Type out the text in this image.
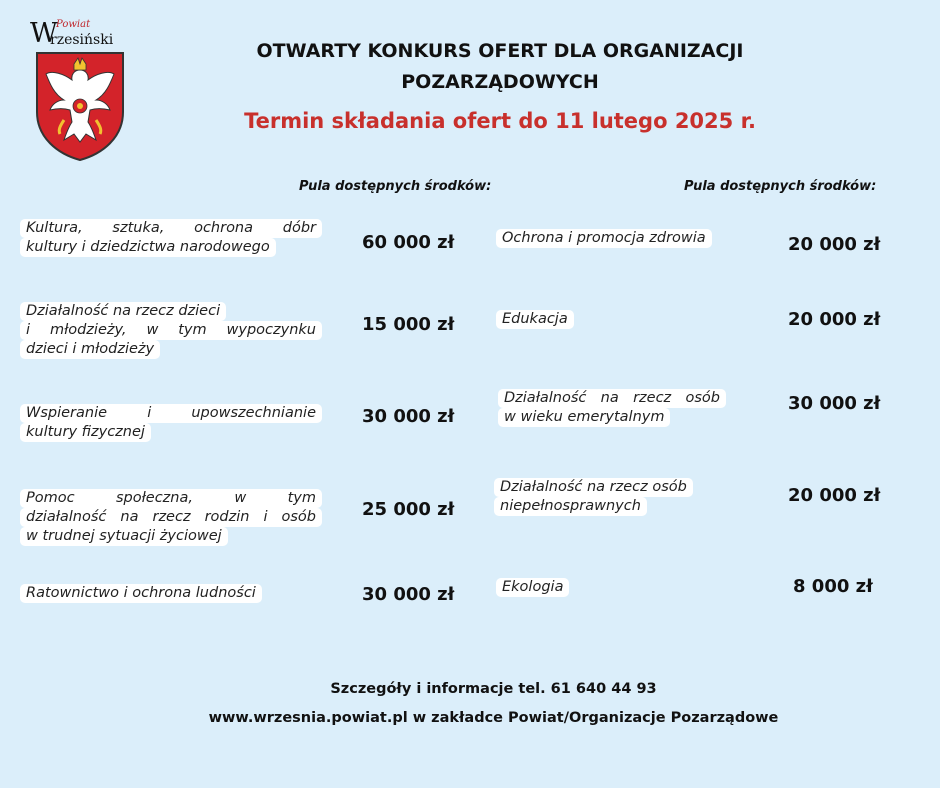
W Powiat
rzesiński	OTWARTY KONKURS OFERT DLA ORGANIZACJI
POZARZĄDOWYCH
Termin składania ofert do 11 lutego 2025 r.
Pula dostępnych środków:	Pula dostępnych środków:
Kultura, sztuka, ochrona dóbr
kultury i dziedzictwa narodowego	60 000 zł
Działalność na rzecz dzieci
i młodzieży, w tym wypoczynku
dzieci i młodzieży
15 000 zł
Wspieranie i upowszechnianie
kultury fizycznej
30 000 zł
Pomoc społeczna, w tym
działalność na rzecz rodzin i osób
w trudnej sytuacji życiowej
25 000 zł
Ratownictwo i ochrona ludności	30 000 zł
Ochrona i promocja zdrowia	20 000 zł
Edukacja	20 000 zł
Działalność na rzecz osób
w wieku emerytalnym
30 000 zł
Działalność na rzecz osób
niepełnosprawnych	20 000 zł
Ekologia	8 000 zł
Szczegóły i informacje tel. 61 640 44 93
www.wrzesnia.powiat.pl w zakładce Powiat/Organizacje Pozarządowe
